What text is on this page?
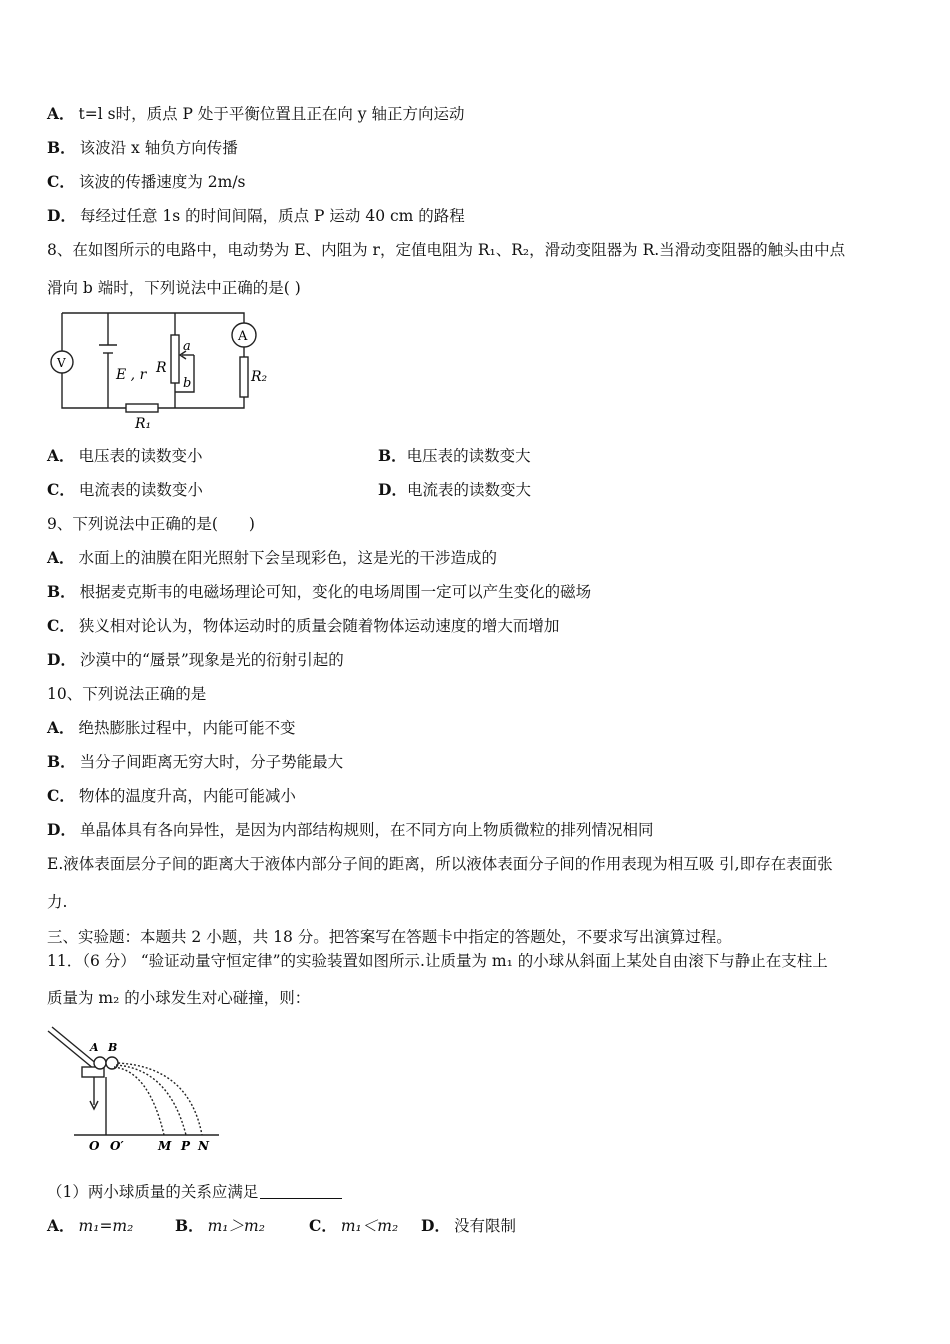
A． t=l s时，质点 P 处于平衡位置且正在向 y 轴正方向运动
B． 该波沿 x 轴负方向传播
C． 该波的传播速度为 2m/s
D． 每经过任意 1s 的时间间隔，质点 P 运动 40 cm 的路程
8、在如图所示的电路中，电动势为 E、内阻为 r，定值电阻为 R₁、R₂，滑动变阻器为 R.当滑动变阻器的触头由中点
滑向 b 端时，下列说法中正确的是( )
V
A
E , r R
a
b	R₂
R₁
A． 电压表的读数变小	B．电压表的读数变大
C． 电流表的读数变小	D．电流表的读数变大
9、下列说法中正确的是(　　)
A． 水面上的油膜在阳光照射下会呈现彩色，这是光的干涉造成的
B． 根据麦克斯韦的电磁场理论可知，变化的电场周围一定可以产生变化的磁场
C． 狭义相对论认为，物体运动时的质量会随着物体运动速度的增大而增加
D． 沙漠中的“蜃景”现象是光的衍射引起的
10、下列说法正确的是
A． 绝热膨胀过程中，内能可能不变
B． 当分子间距离无穷大时，分子势能最大
C． 物体的温度升高，内能可能减小
D． 单晶体具有各向异性，是因为内部结构规则，在不同方向上物质微粒的排列情况相同
E.液体表面层分子间的距离大于液体内部分子间的距离，所以液体表面分子间的作用表现为相互吸 引,即存在表面张
力.
三、实验题：本题共 2 小题，共 18 分。把答案写在答题卡中指定的答题处，不要求写出演算过程。
11．（6 分） “验证动量守恒定律”的实验装置如图所示.让质量为 m₁ 的小球从斜面上某处自由滚下与静止在支柱上
质量为 m₂ 的小球发生对心碰撞，则：
A B
O O′	M P N
（1）两小球质量的关系应满足
A． m₁=m₂	B． m₁＞m₂	C． m₁＜m₂ D． 没有限制
